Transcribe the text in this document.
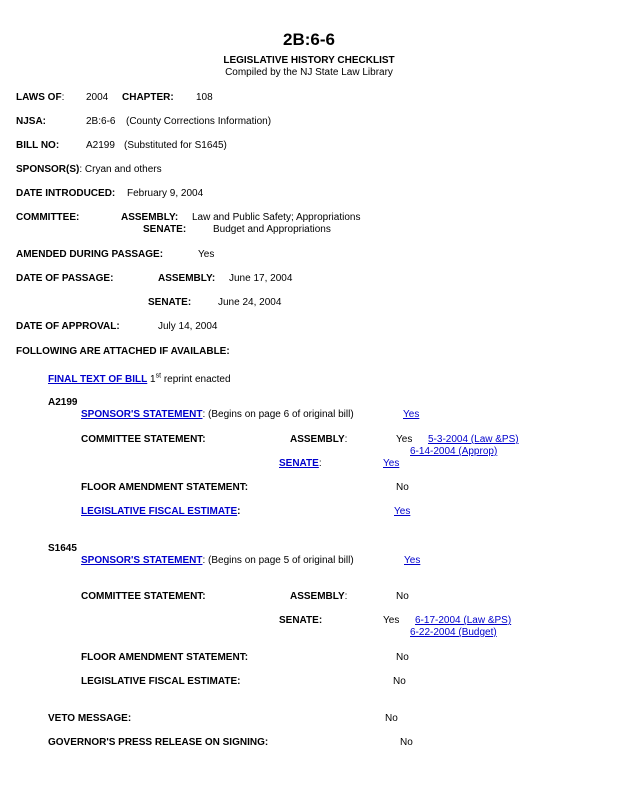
2B:6-6
LEGISLATIVE HISTORY CHECKLIST
Compiled by the NJ State Law Library
LAWS OF: 2004 CHAPTER: 108
NJSA:	2B:6-6 (County Corrections Information)
BILL NO:	A2199 (Substituted for S1645)
SPONSOR(S): Cryan and others
DATE INTRODUCED: February 9, 2004
COMMITTEE:	ASSEMBLY: Law and Public Safety; Appropriations
SENATE:	Budget and Appropriations
AMENDED DURING PASSAGE:	Yes
DATE OF PASSAGE:	ASSEMBLY: June 17, 2004
SENATE:	June 24, 2004
DATE OF APPROVAL:	July 14, 2004
FOLLOWING ARE ATTACHED IF AVAILABLE:
FINAL TEXT OF BILL 1st reprint enacted
A2199
SPONSOR'S STATEMENT: (Begins on page 6 of original bill)	Yes
COMMITTEE STATEMENT:	ASSEMBLY:	Yes 5-3-2004 (Law &PS)
6-14-2004 (Approp)
SENATE:	Yes
FLOOR AMENDMENT STATEMENT:	No
LEGISLATIVE FISCAL ESTIMATE:	Yes
S1645
SPONSOR'S STATEMENT: (Begins on page 5 of original bill)	Yes
COMMITTEE STATEMENT:	ASSEMBLY:	No
SENATE:	Yes 6-17-2004 (Law &PS)
6-22-2004 (Budget)
FLOOR AMENDMENT STATEMENT:	No
LEGISLATIVE FISCAL ESTIMATE:	No
VETO MESSAGE:	No
GOVERNOR'S PRESS RELEASE ON SIGNING:	No
